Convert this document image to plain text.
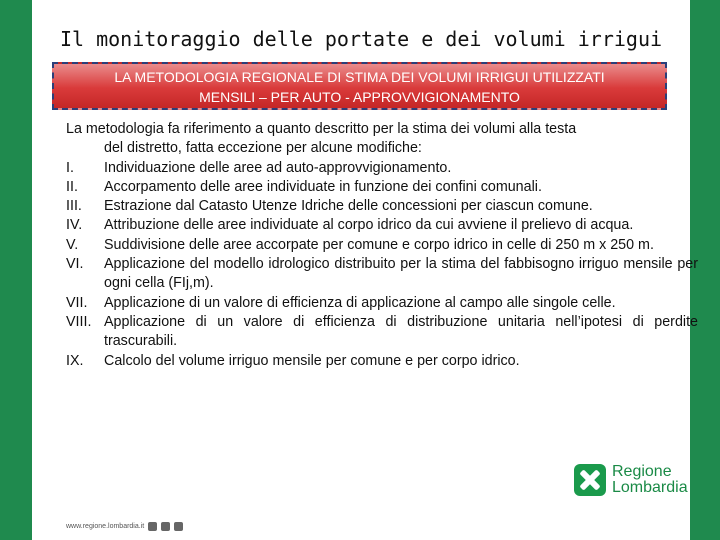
Il monitoraggio delle portate e dei volumi irrigui
LA METODOLOGIA REGIONALE DI STIMA DEI VOLUMI IRRIGUI UTILIZZATI
MENSILI – PER AUTO - APPROVVIGIONAMENTO

La metodologia fa riferimento a quanto descritto per la stima dei volumi alla testa
del distretto, fatta eccezione per alcune modifiche:

I.	Individuazione delle aree ad auto-approvvigionamento.
II.	Accorpamento delle aree individuate in funzione dei confini comunali.
III.	Estrazione dal Catasto Utenze Idriche delle concessioni per ciascun comune.
IV.	Attribuzione delle aree individuate al corpo idrico da cui avviene il prelievo di acqua.
V.	Suddivisione delle aree accorpate per comune e corpo idrico in celle di 250 m x 250 m.
VI.	Applicazione del modello idrologico distribuito per la stima del fabbisogno irriguo mensile per ogni cella (FIj,m).
VII.	Applicazione di un valore di efficienza di applicazione al campo alle singole celle.
VIII. Applicazione di un valore di efficienza di distribuzione unitaria nell’ipotesi di perdite trascurabili.
IX.	Calcolo del volume irriguo mensile per comune e per corpo idrico.
Regione
Lombardia
www.regione.lombardia.it
